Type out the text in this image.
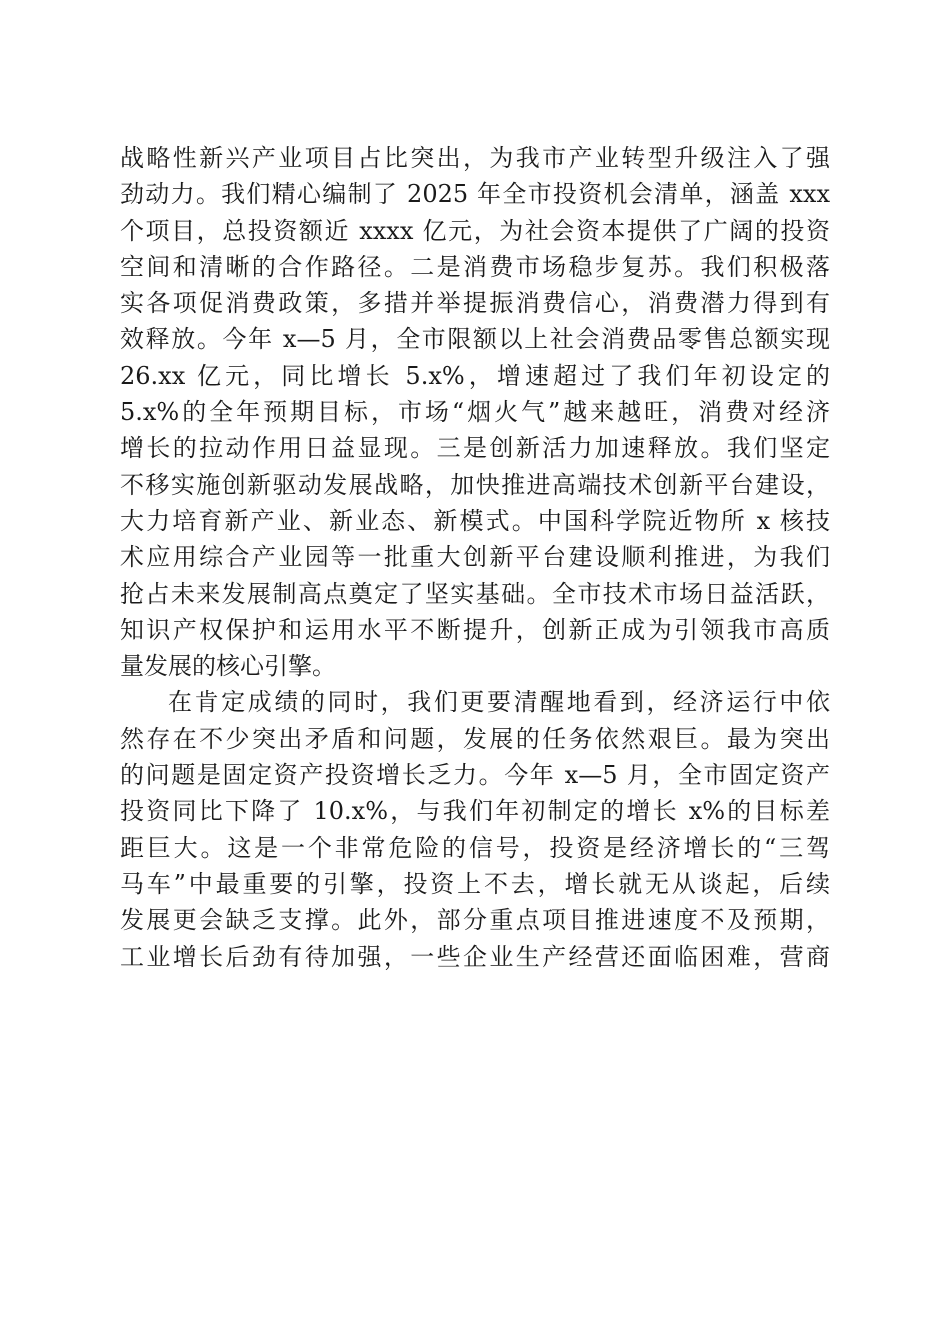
战略性新兴产业项目占比突出，为我市产业转型升级注入了强
劲动力。我们精心编制了 2025 年全市投资机会清单，涵盖 xxx
个项目，总投资额近 xxxx 亿元，为社会资本提供了广阔的投资
空间和清晰的合作路径。二是消费市场稳步复苏。我们积极落
实各项促消费政策，多措并举提振消费信心，消费潜力得到有
效释放。今年 x—5 月，全市限额以上社会消费品零售总额实现
26.xx 亿元，同比增长 5.x%，增速超过了我们年初设定的
5.x%的全年预期目标，市场“烟火气”越来越旺，消费对经济
增长的拉动作用日益显现。三是创新活力加速释放。我们坚定
不移实施创新驱动发展战略，加快推进高端技术创新平台建设，
大力培育新产业、新业态、新模式。中国科学院近物所 x 核技
术应用综合产业园等一批重大创新平台建设顺利推进，为我们
抢占未来发展制高点奠定了坚实基础。全市技术市场日益活跃，
知识产权保护和运用水平不断提升，创新正成为引领我市高质
量发展的核心引擎。
在肯定成绩的同时，我们更要清醒地看到，经济运行中依
然存在不少突出矛盾和问题，发展的任务依然艰巨。最为突出
的问题是固定资产投资增长乏力。今年 x—5 月，全市固定资产
投资同比下降了 10.x%，与我们年初制定的增长 x%的目标差
距巨大。这是一个非常危险的信号，投资是经济增长的“三驾
马车”中最重要的引擎，投资上不去，增长就无从谈起，后续
发展更会缺乏支撑。此外，部分重点项目推进速度不及预期，
工业增长后劲有待加强，一些企业生产经营还面临困难，营商
